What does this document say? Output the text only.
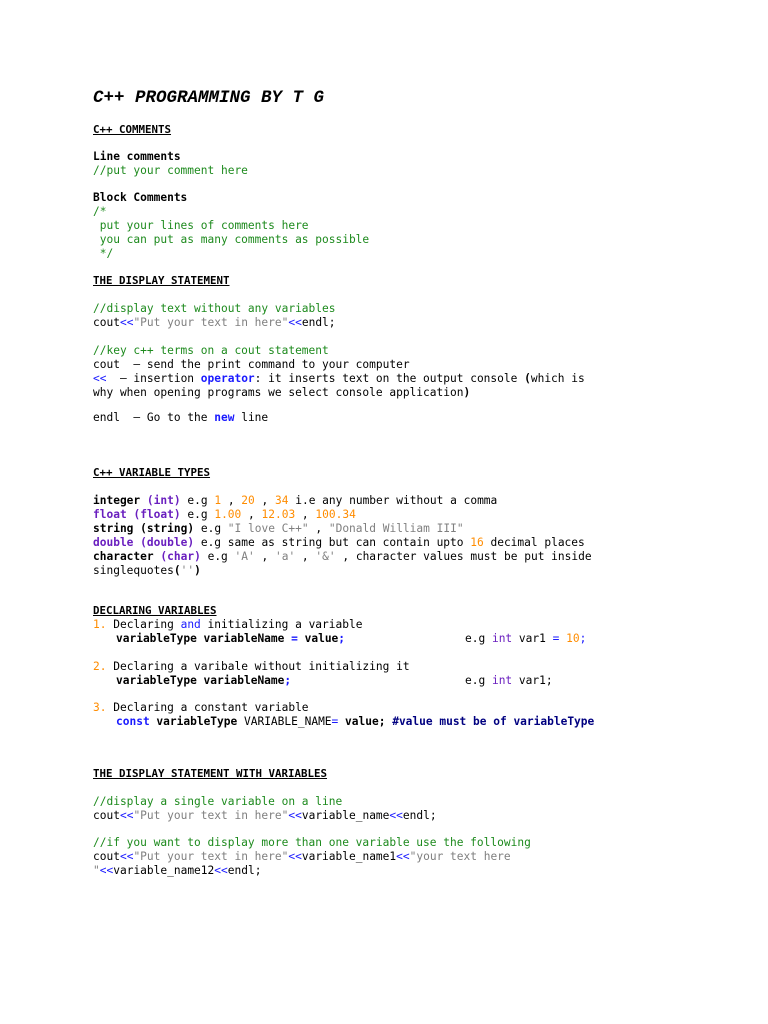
C++ PROGRAMMING BY T G
C++ COMMENTS
Line comments
//put your comment here
Block Comments
/*
put your lines of comments here
you can put as many comments as possible
*/
THE DISPLAY STATEMENT
//display text without any variables
cout<<"Put your text in here"<<endl;
//key c++ terms on a cout statement
cout  – send the print command to your computer
<<  – insertion operator: it inserts text on the output console (which is
why when opening programs we select console application)
endl  – Go to the new line
C++ VARIABLE TYPES
integer (int) e.g 1 , 20 , 34 i.e any number without a comma
float (float) e.g 1.00 , 12.03 , 100.34
string (string) e.g "I love C++" , "Donald William III"
double (double) e.g same as string but can contain upto 16 decimal places
character (char) e.g 'A' , 'a' , '&' , character values must be put inside
singlequotes('')
DECLARING VARIABLES
1. Declaring and initializing a variable
variableType variableName = value;	e.g int var1 = 10;
2. Declaring a varibale without initializing it
variableType variableName;	e.g int var1;
3. Declaring a constant variable
const variableType VARIABLE_NAME= value; #value must be of variableType
THE DISPLAY STATEMENT WITH VARIABLES
//display a single variable on a line
cout<<"Put your text in here"<<variable_name<<endl;
//if you want to display more than one variable use the following
cout<<"Put your text in here"<<variable_name1<<"your text here
"<<variable_name12<<endl;
